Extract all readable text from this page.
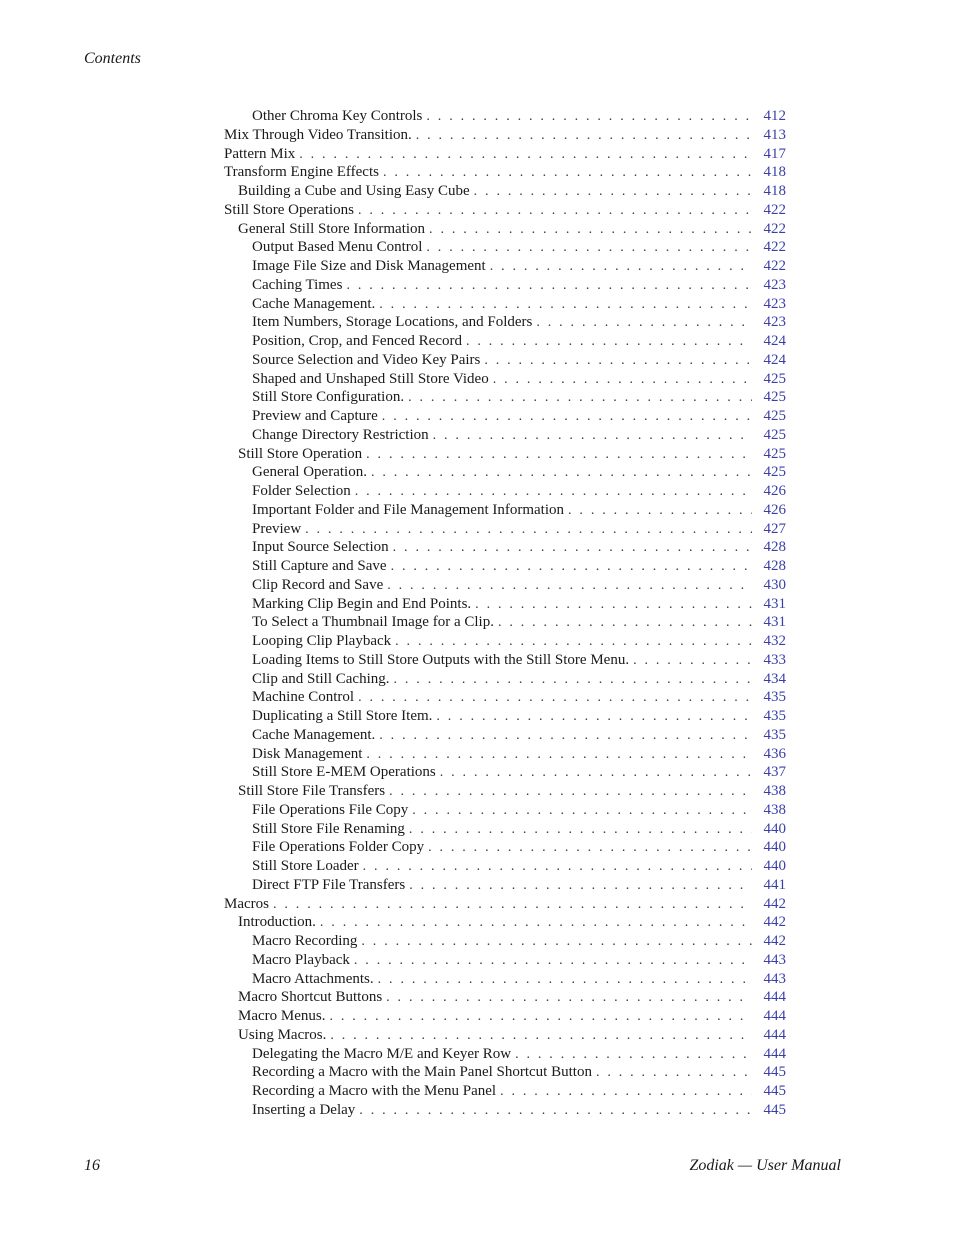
Contents
Other Chroma Key Controls . . .	412
Mix Through Video Transition. . . .	413
Pattern Mix . . .	417
Transform Engine Effects . . .	418
Building a Cube and Using Easy Cube . . .	418
Still Store Operations . . .	422
General Still Store Information . . .	422
Output Based Menu Control . . .	422
Image File Size and Disk Management . . .	422
Caching Times . . .	423
Cache Management. . . .	423
Item Numbers, Storage Locations, and Folders . . .	423
Position, Crop, and Fenced Record . . .	424
Source Selection and Video Key Pairs . . .	424
Shaped and Unshaped Still Store Video . . .	425
Still Store Configuration. . . .	425
Preview and Capture . . .	425
Change Directory Restriction . . .	425
Still Store Operation . . .	425
General Operation. . . .	425
Folder Selection . . .	426
Important Folder and File Management Information . . .	426
Preview . . .	427
Input Source Selection . . .	428
Still Capture and Save . . .	428
Clip Record and Save . . .	430
Marking Clip Begin and End Points. . . .	431
To Select a Thumbnail Image for a Clip. . . .	431
Looping Clip Playback . . .	432
Loading Items to Still Store Outputs with the Still Store Menu. . . .	433
Clip and Still Caching. . . .	434
Machine Control . . .	435
Duplicating a Still Store Item. . . .	435
Cache Management. . . .	435
Disk Management . . .	436
Still Store E-MEM Operations . . .	437
Still Store File Transfers . . .	438
File Operations File Copy . . .	438
Still Store File Renaming . . .	440
File Operations Folder Copy . . .	440
Still Store Loader . . .	440
Direct FTP File Transfers . . .	441
Macros . . .	442
Introduction. . . .	442
Macro Recording . . .	442
Macro Playback . . .	443
Macro Attachments. . . .	443
Macro Shortcut Buttons . . .	444
Macro Menus. . . .	444
Using Macros. . . .	444
Delegating the Macro M/E and Keyer Row . . .	444
Recording a Macro with the Main Panel Shortcut Button . . .	445
Recording a Macro with the Menu Panel . . .	445
Inserting a Delay . . .	445
16	Zodiak — User Manual
